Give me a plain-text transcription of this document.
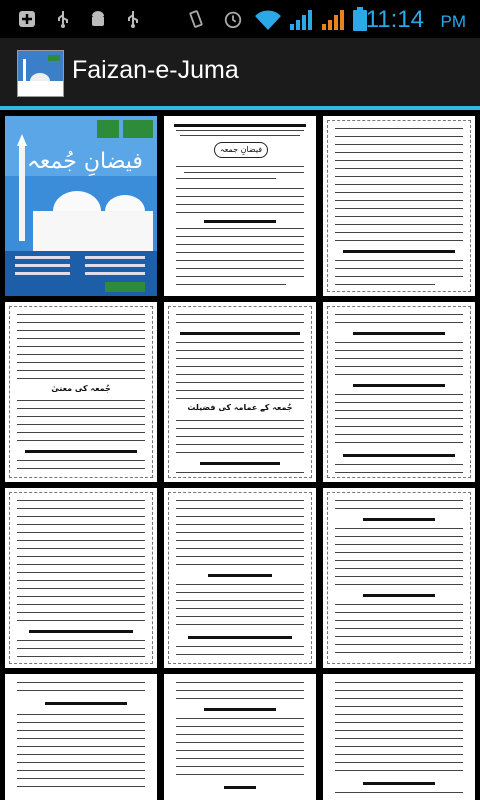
11:14 PM
Faizan-e-Juma
فیضانِ جُمعہ	فیضانِ جمعہ
جُمعہ کی معنیٰ
جُمعہ کے عمامہ کی فضیلت
